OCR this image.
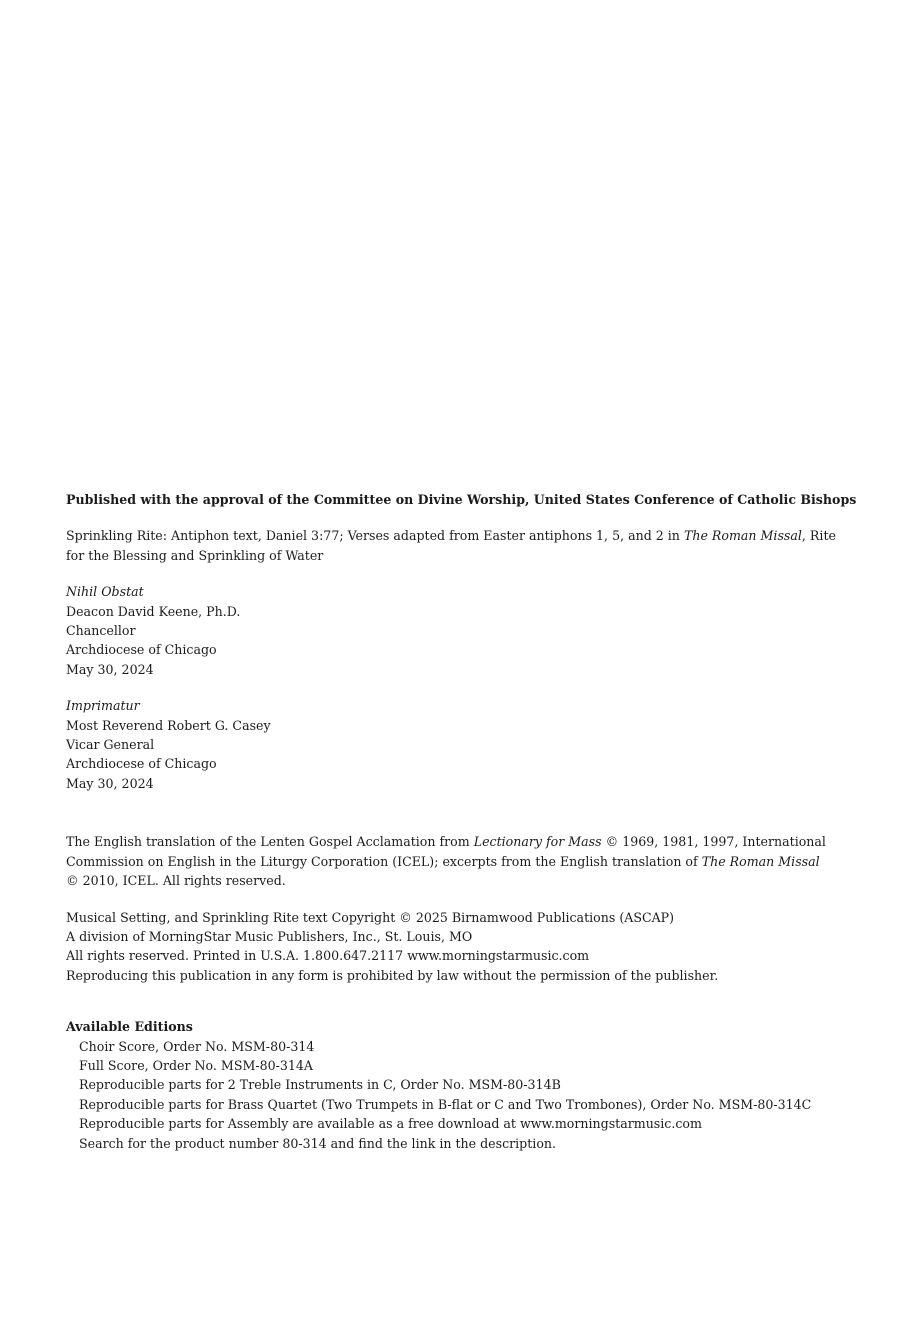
Published with the approval of the Committee on Divine Worship, United States Conference of Catholic Bishops
Sprinkling Rite: Antiphon text, Daniel 3:77; Verses adapted from Easter antiphons 1, 5, and 2 in The Roman Missal, Rite
for the Blessing and Sprinkling of Water
Nihil Obstat
Deacon David Keene, Ph.D.
Chancellor
Archdiocese of Chicago
May 30, 2024
Imprimatur
Most Reverend Robert G. Casey
Vicar General
Archdiocese of Chicago
May 30, 2024
The English translation of the Lenten Gospel Acclamation from Lectionary for Mass © 1969, 1981, 1997, International
Commission on English in the Liturgy Corporation (ICEL); excerpts from the English translation of The Roman Missal
© 2010, ICEL. All rights reserved.
Musical Setting, and Sprinkling Rite text Copyright © 2025 Birnamwood Publications (ASCAP)
A division of MorningStar Music Publishers, Inc., St. Louis, MO
All rights reserved. Printed in U.S.A. 1.800.647.2117 www.morningstarmusic.com
Reproducing this publication in any form is prohibited by law without the permission of the publisher.
Available Editions
Choir Score, Order No. MSM-80-314
Full Score, Order No. MSM-80-314A
Reproducible parts for 2 Treble Instruments in C, Order No. MSM-80-314B
Reproducible parts for Brass Quartet (Two Trumpets in B-flat or C and Two Trombones), Order No. MSM-80-314C
Reproducible parts for Assembly are available as a free download at www.morningstarmusic.com
Search for the product number 80-314 and find the link in the description.
